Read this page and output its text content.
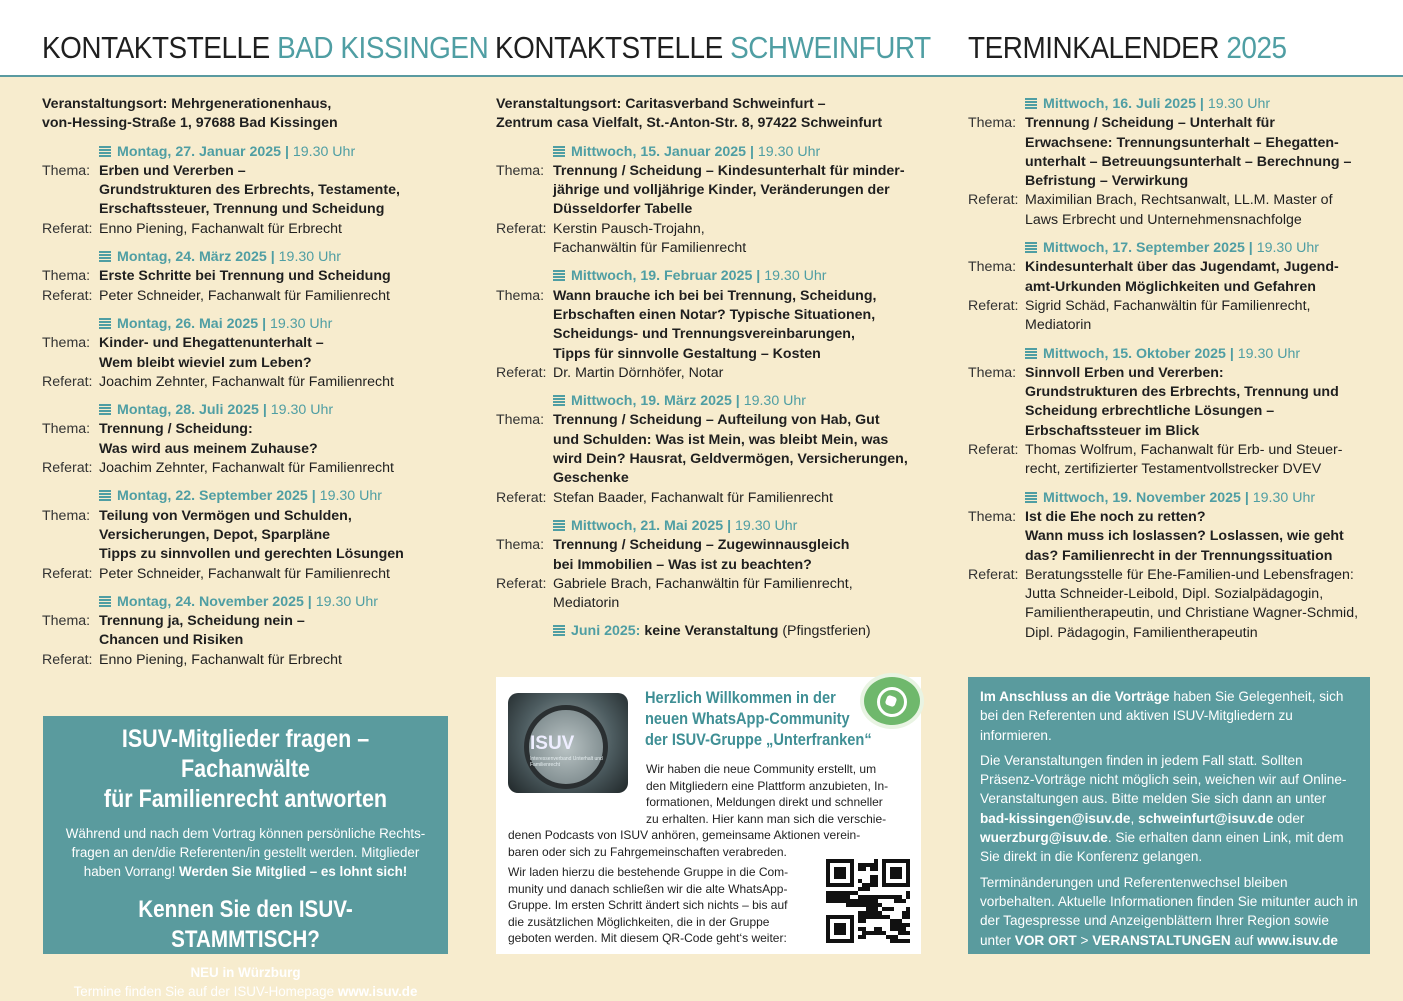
KONTAKTSTELLE BAD KISSINGEN KONTAKTSTELLE SCHWEINFURT TERMINKALENDER 2025
Veranstaltungsort: Mehrgenerationenhaus,
von-Hessing-Straße 1, 97688 Bad Kissingen
Montag, 27. Januar 2025 | 19.30 Uhr
Thema: Erben und Vererben –
Grundstrukturen des Erbrechts, Testamente,
Erschaftssteuer, Trennung und Scheidung
Referat: Enno Piening, Fachanwalt für Erbrecht
Montag, 24. März 2025 | 19.30 Uhr
Thema: Erste Schritte bei Trennung und Scheidung
Referat: Peter Schneider, Fachanwalt für Familienrecht
Montag, 26. Mai 2025 | 19.30 Uhr
Thema: Kinder- und Ehegattenunterhalt –
Wem bleibt wieviel zum Leben?
Referat: Joachim Zehnter, Fachanwalt für Familienrecht
Montag, 28. Juli 2025 | 19.30 Uhr
Thema: Trennung / Scheidung:
Was wird aus meinem Zuhause?
Referat: Joachim Zehnter, Fachanwalt für Familienrecht
Montag, 22. September 2025 | 19.30 Uhr
Thema: Teilung von Vermögen und Schulden,
Versicherungen, Depot, Sparpläne
Tipps zu sinnvollen und gerechten Lösungen
Referat: Peter Schneider, Fachanwalt für Familienrecht
Montag, 24. November 2025 | 19.30 Uhr
Thema: Trennung ja, Scheidung nein –
Chancen und Risiken
Referat: Enno Piening, Fachanwalt für Erbrecht
Veranstaltungsort: Caritasverband Schweinfurt –
Zentrum casa Vielfalt, St.-Anton-Str. 8, 97422 Schweinfurt
Mittwoch, 15. Januar 2025 | 19.30 Uhr
Thema: Trennung / Scheidung – Kindesunterhalt für minder-
jährige und volljährige Kinder, Veränderungen der
Düsseldorfer Tabelle
Referat: Kerstin Pausch-Trojahn,
Fachanwältin für Familienrecht
Mittwoch, 19. Februar 2025 | 19.30 Uhr
Thema: Wann brauche ich bei bei Trennung, Scheidung,
Erbschaften einen Notar? Typische Situationen,
Scheidungs- und Trennungsvereinbarungen,
Tipps für sinnvolle Gestaltung – Kosten
Referat: Dr. Martin Dörnhöfer, Notar
Mittwoch, 19. März 2025 | 19.30 Uhr
Thema: Trennung / Scheidung – Aufteilung von Hab, Gut
und Schulden: Was ist Mein, was bleibt Mein, was
wird Dein? Hausrat, Geldvermögen, Versicherungen,
Geschenke
Referat: Stefan Baader, Fachanwalt für Familienrecht
Mittwoch, 21. Mai 2025 | 19.30 Uhr
Thema: Trennung / Scheidung – Zugewinnausgleich
bei Immobilien – Was ist zu beachten?
Referat: Gabriele Brach, Fachanwältin für Familienrecht,
Mediatorin
Juni 2025: keine Veranstaltung (Pfingstferien)
Mittwoch, 16. Juli 2025 | 19.30 Uhr
Thema: Trennung / Scheidung – Unterhalt für
Erwachsene: Trennungsunterhalt – Ehegatten-
unterhalt – Betreuungsunterhalt – Berechnung –
Befristung – Verwirkung
Referat: Maximilian Brach, Rechtsanwalt, LL.M. Master of
Laws Erbrecht und Unternehmensnachfolge
Mittwoch, 17. September 2025 | 19.30 Uhr
Thema: Kindesunterhalt über das Jugendamt, Jugend-
amt-Urkunden Möglichkeiten und Gefahren
Referat: Sigrid Schäd, Fachanwältin für Familienrecht,
Mediatorin
Mittwoch, 15. Oktober 2025 | 19.30 Uhr
Thema: Sinnvoll Erben und Vererben:
Grundstrukturen des Erbrechts, Trennung und
Scheidung erbrechtliche Lösungen –
Erbschaftssteuer im Blick
Referat: Thomas Wolfrum, Fachanwalt für Erb- und Steuer-
recht, zertifizierter Testamentvollstrecker DVEV
Mittwoch, 19. November 2025 | 19.30 Uhr
Thema: Ist die Ehe noch zu retten?
Wann muss ich loslassen? Loslassen, wie geht
das? Familienrecht in der Trennungssituation
Referat: Beratungsstelle für Ehe-Familien-und Lebensfragen:
Jutta Schneider-Leibold, Dipl. Sozialpädagogin,
Familientherapeutin, und Christiane Wagner-Schmid,
Dipl. Pädagogin, Familientherapeutin
ISUV-Mitglieder fragen – Fachanwälte
für Familienrecht antworten
Während und nach dem Vortrag können persönliche Rechts-
fragen an den/die Referenten/in gestellt werden. Mitglieder
haben Vorrang! Werden Sie Mitglied – es lohnt sich!
Kennen Sie den ISUV-STAMMTISCH?
NEU in Würzburg
Termine finden Sie auf der ISUV-Homepage www.isuv.de
ISUV
Interessenverband Unterhalt und Familienrecht
Herzlich Willkommen in der
neuen WhatsApp-Community
der ISUV-Gruppe „Unterfranken“
Wir haben die neue Community erstellt, um
den Mitgliedern eine Plattform anzubieten, In-
formationen, Meldungen direkt und schneller
zu erhalten. Hier kann man sich die verschie-
denen Podcasts von ISUV anhören, gemeinsame Aktionen verein-
baren oder sich zu Fahrgemeinschaften verabreden.
Wir laden hierzu die bestehende Gruppe in die Com-
munity und danach schließen wir die alte WhatsApp-
Gruppe. Im ersten Schritt ändert sich nichts – bis auf
die zusätzlichen Möglichkeiten, die in der Gruppe
geboten werden. Mit diesem QR-Code geht‘s weiter:
Im Anschluss an die Vorträge haben Sie Gelegenheit, sich bei den Referenten und aktiven ISUV-Mitgliedern zu informieren.
Die Veranstaltungen finden in jedem Fall statt. Sollten Präsenz-Vorträge nicht möglich sein, weichen wir auf Online-Veranstaltungen aus. Bitte melden Sie sich dann an unter bad-kissingen@isuv.de, schweinfurt@isuv.de oder wuerzburg@isuv.de. Sie erhalten dann einen Link, mit dem Sie direkt in die Konferenz gelangen.
Terminänderungen und Referentenwechsel bleiben vorbehalten. Aktuelle Informationen finden Sie mitunter auch in der Tagespresse und Anzeigenblättern Ihrer Region sowie unter VOR ORT > VERANSTALTUNGEN auf www.isuv.de
